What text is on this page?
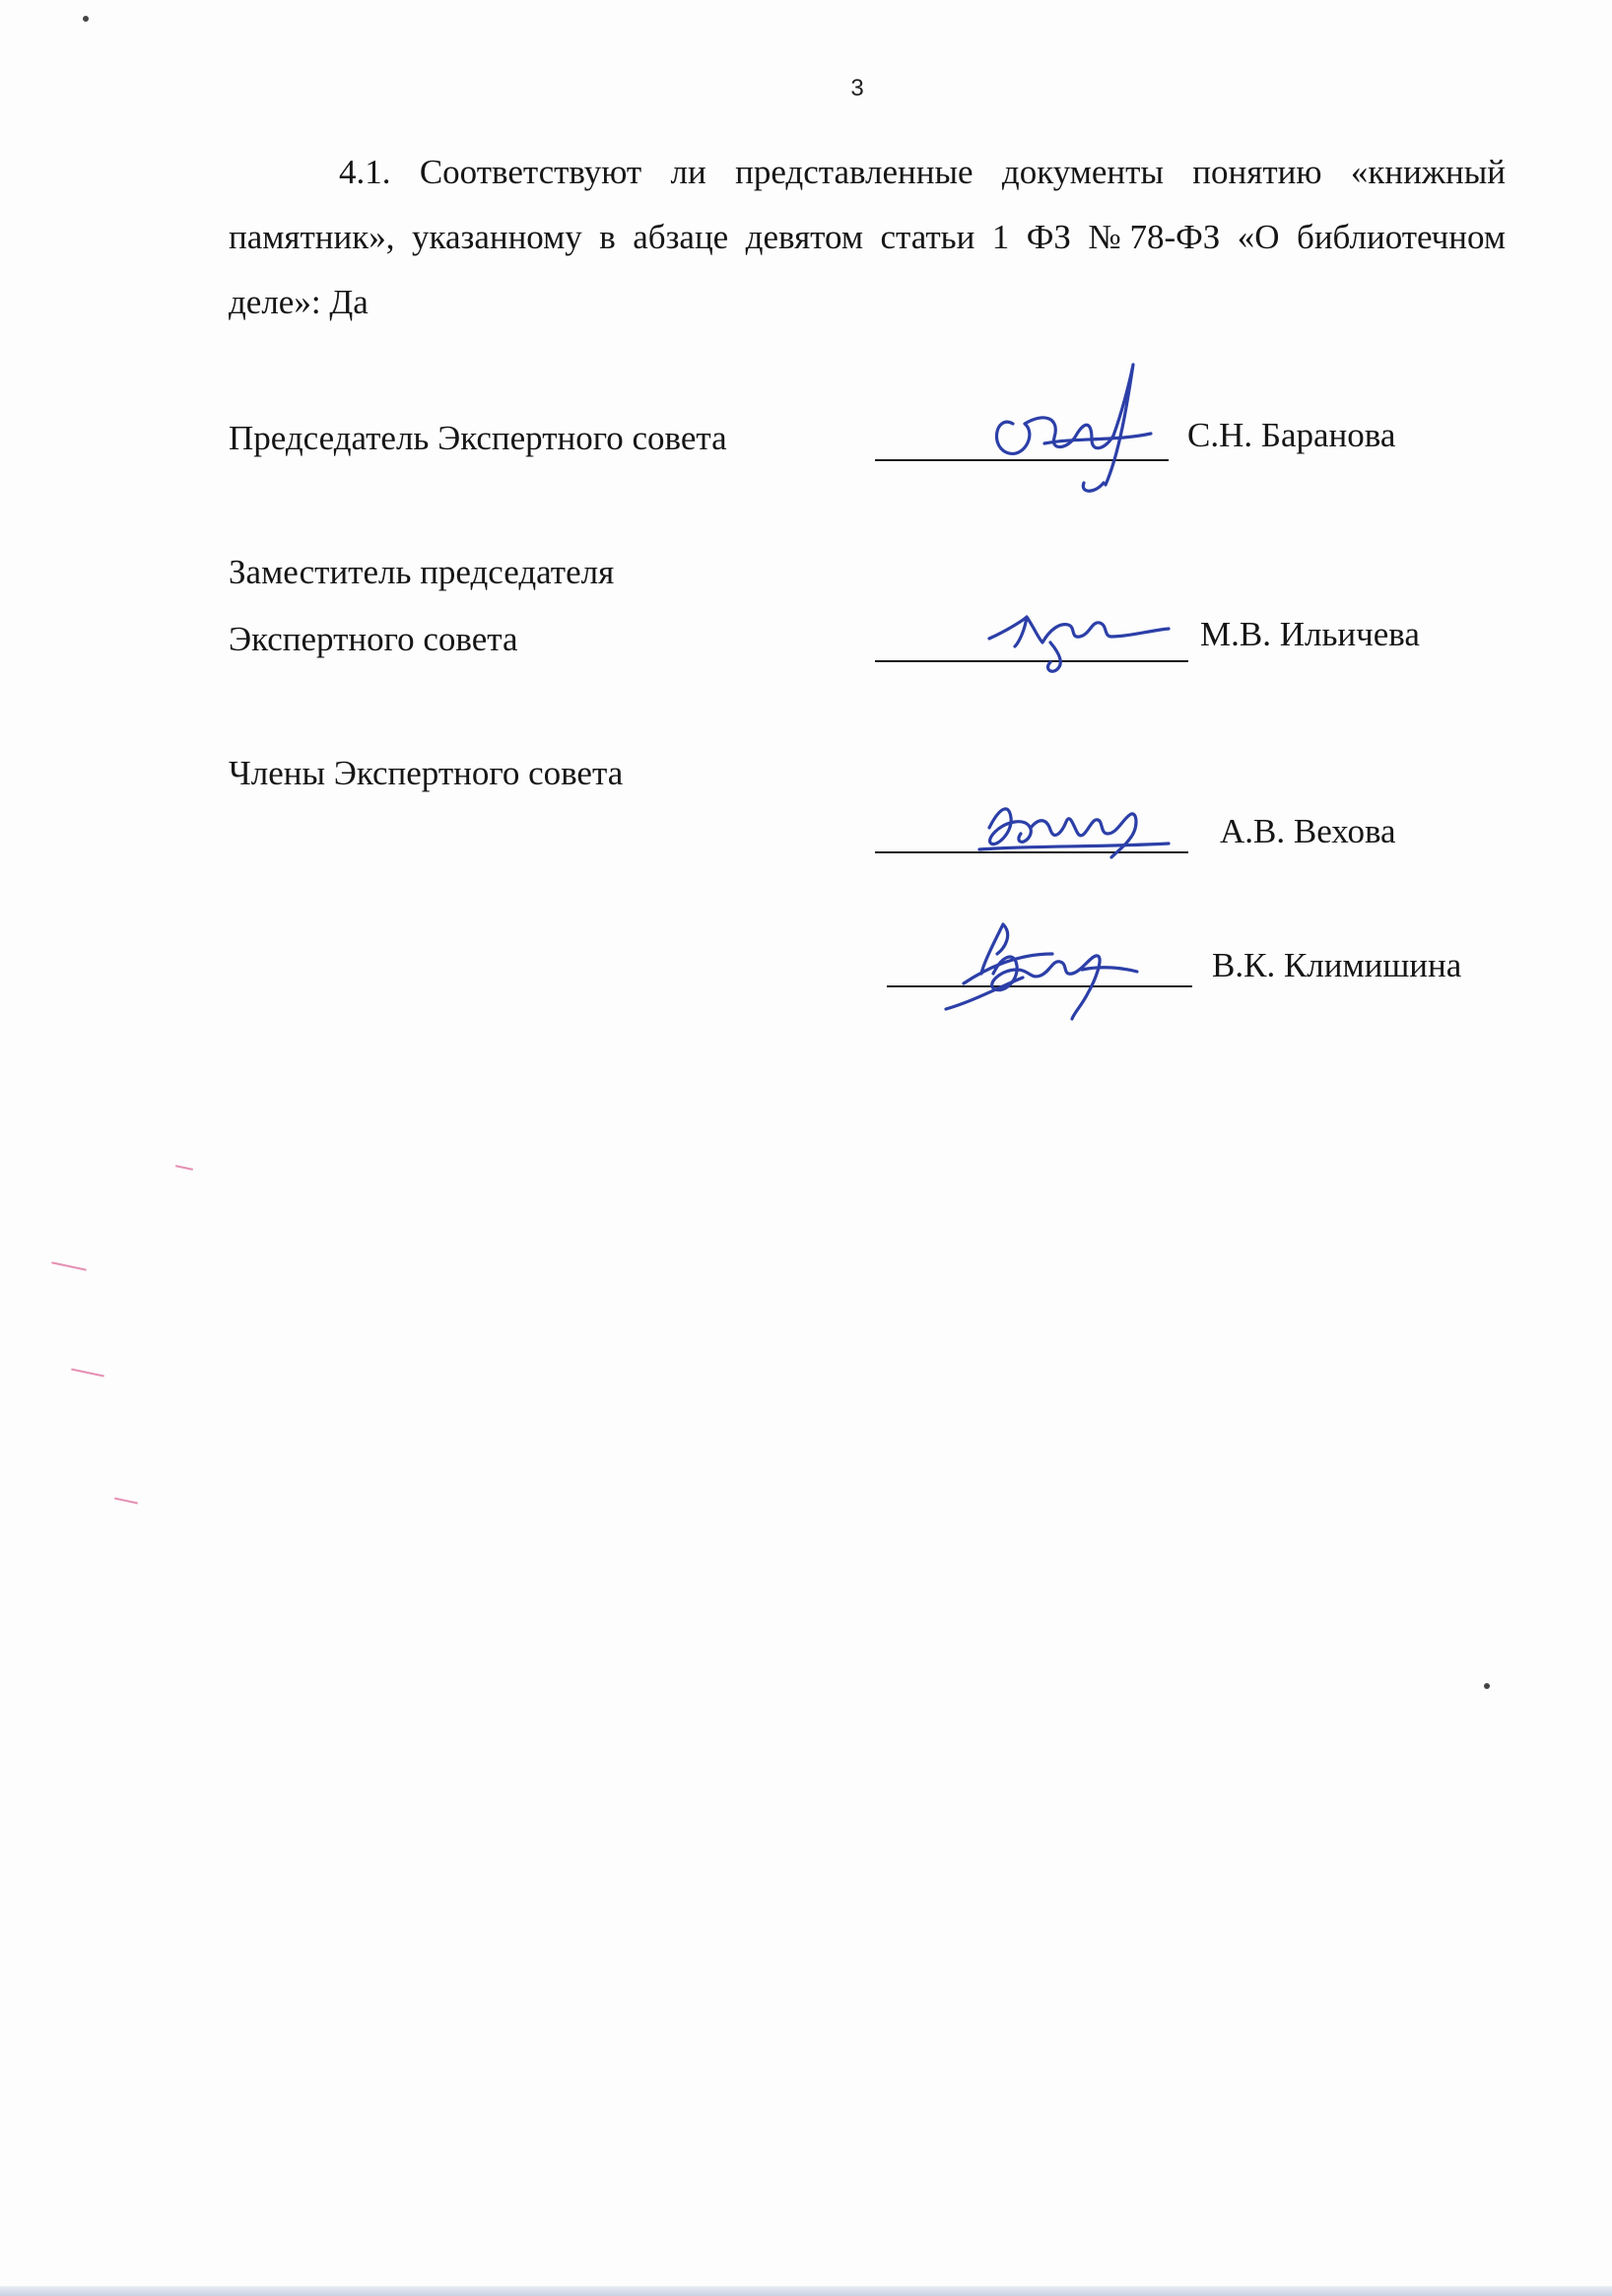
3

4.1. Соответствуют ли представленные документы понятию «книжный памятник», указанному в абзаце девятом статьи 1 ФЗ №78-ФЗ «О библиотечном деле»: Да

Председатель Экспертного совета	С.Н. Баранова
Заместитель председателя
Экспертного совета	М.В. Ильичева
Члены Экспертного совета
А.В. Вехова
В.К. Климишина
